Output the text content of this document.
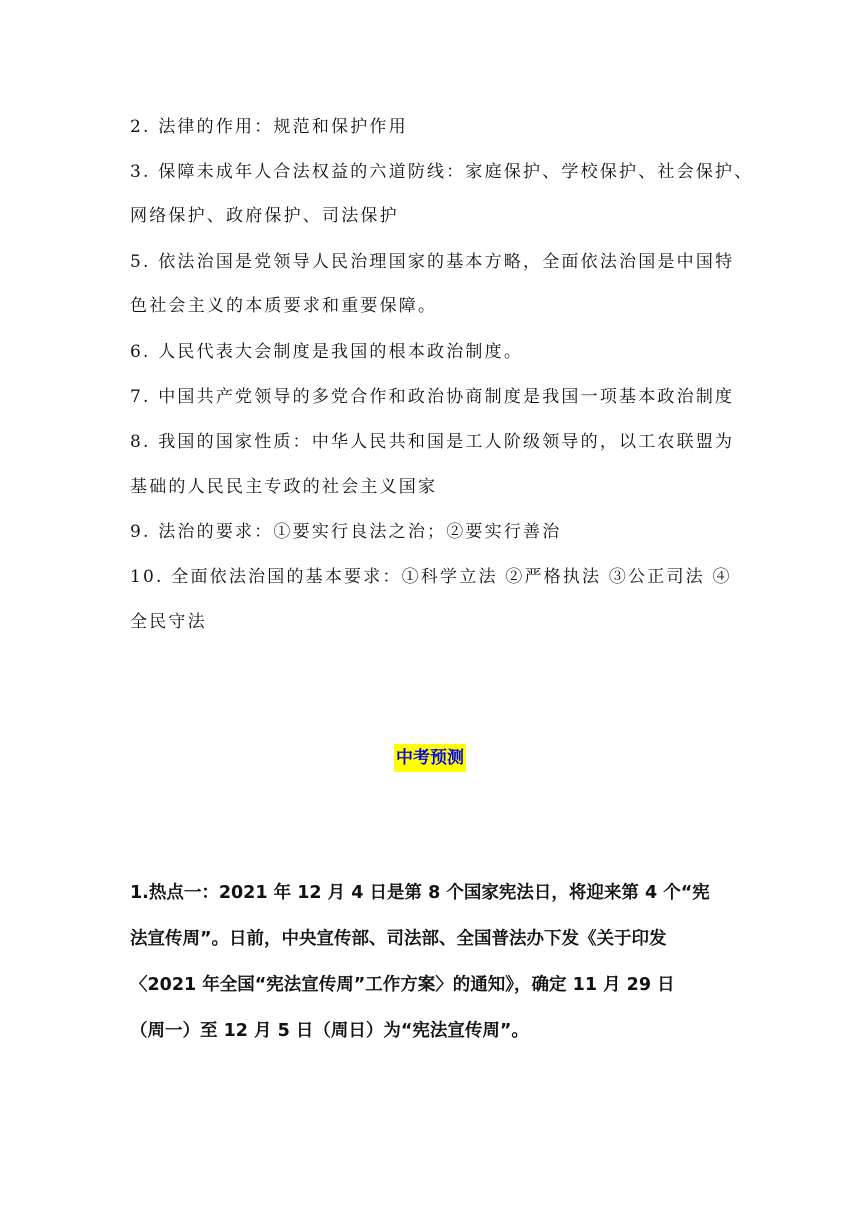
2. 法律的作用：规范和保护作用
3. 保障未成年人合法权益的六道防线：家庭保护、学校保护、社会保护、
网络保护、政府保护、司法保护
5. 依法治国是党领导人民治理国家的基本方略，全面依法治国是中国特
色社会主义的本质要求和重要保障。
6. 人民代表大会制度是我国的根本政治制度。
7. 中国共产党领导的多党合作和政治协商制度是我国一项基本政治制度
8. 我国的国家性质：中华人民共和国是工人阶级领导的，以工农联盟为
基础的人民民主专政的社会主义国家
9. 法治的要求：①要实行良法之治；②要实行善治
10. 全面依法治国的基本要求：①科学立法 ②严格执法 ③公正司法 ④
全民守法
中考预测
1.热点一：2021 年 12 月 4 日是第 8 个国家宪法日，将迎来第 4 个“宪
法宣传周”。日前，中央宣传部、司法部、全国普法办下发《关于印发
〈2021 年全国“宪法宣传周”工作方案〉的通知》，确定 11 月 29 日
（周一）至 12 月 5 日（周日）为“宪法宣传周”。
